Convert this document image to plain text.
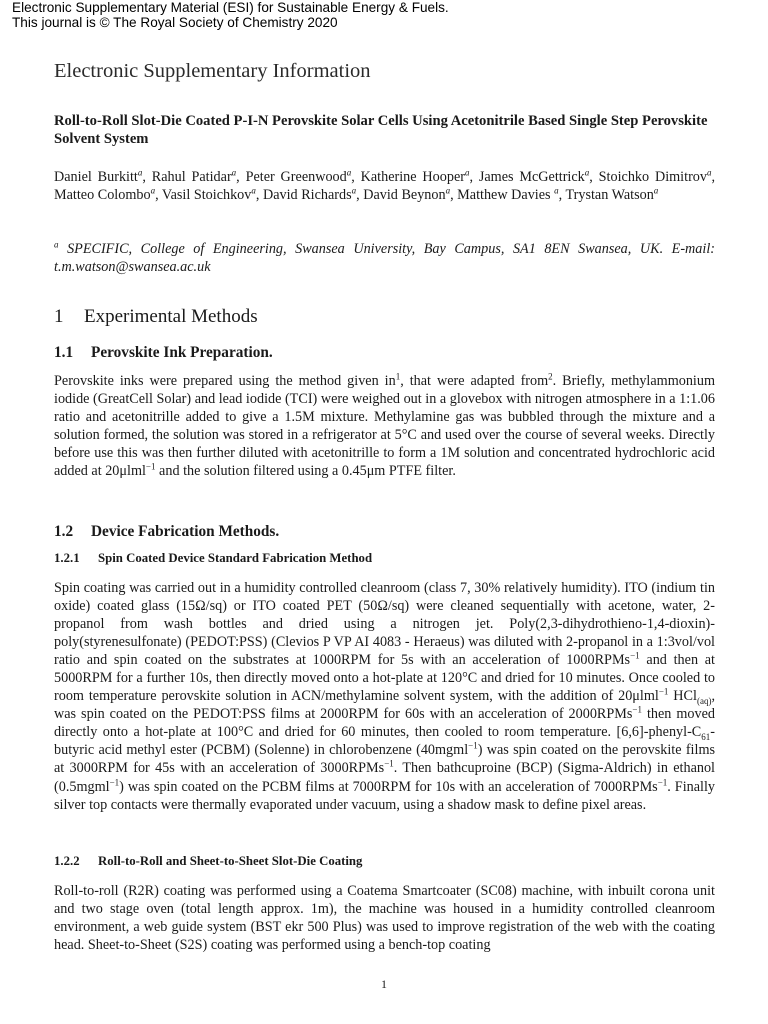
Electronic Supplementary Material (ESI) for Sustainable Energy & Fuels.
This journal is © The Royal Society of Chemistry 2020
Electronic Supplementary Information
Roll-to-Roll Slot-Die Coated P-I-N Perovskite Solar Cells Using Acetonitrile Based Single Step Perovskite Solvent System
Daniel Burkitt$^a$, Rahul Patidar$^a$, Peter Greenwood$^a$, Katherine Hooper$^a$, James McGettrick$^a$, Stoichko Dimitrov$^a$, Matteo Colombo$^a$, Vasil Stoichkov$^a$, David Richards$^a$, David Beynon$^a$, Matthew Davies $^a$, Trystan Watson$^a$
$^a$ SPECIFIC, College of Engineering, Swansea University, Bay Campus, SA1 8EN Swansea, UK. E-mail: t.m.watson@swansea.ac.uk
1 Experimental Methods
1.1 Perovskite Ink Preparation.
Perovskite inks were prepared using the method given $in^1$, that were adapted from$^2$. Briefly, methylammonium iodide (GreatCell Solar) and lead iodide (TCI) were weighed out in a glovebox with nitrogen atmosphere in a 1:1.06 ratio and acetonitrille added to give a 1.5M mixture. Methylamine gas was bubbled through the mixture and a solution formed, the solution was stored in a refrigerator at 5°C and used over the course of several weeks. Directly before use this was then further diluted with acetonitrille to form a 1M solution and concentrated hydrochloric acid added at 20μlml$^{-1}$ and the solution filtered using a 0.45μm PTFE filter.
1.2 Device Fabrication Methods.
1.2.1 Spin Coated Device Standard Fabrication Method
Spin coating was carried out in a humidity controlled cleanroom (class 7, 30% relatively humidity). ITO (indium tin oxide) coated glass (15Ω/sq) or ITO coated PET (50Ω/sq) were cleaned sequentially with acetone, water, 2-propanol from wash bottles and dried using a nitrogen jet. Poly(2,3-dihydrothieno-1,4-dioxin)-poly(styrenesulfonate) (PEDOT:PSS) (Clevios P VP AI 4083 - Heraeus) was diluted with 2-propanol in a 1:3vol/vol ratio and spin coated on the substrates at 1000RPM for 5s with an acceleration of 1000RPMs$^{-1}$ and then at 5000RPM for a further 10s, then directly moved onto a hot-plate at 120°C and dried for 10 minutes. Once cooled to room temperature perovskite solution in ACN/methylamine solvent system, with the addition of 20μlml$^{-1}$ HCl$_{(aq)}$, was spin coated on the PEDOT:PSS films at 2000RPM for 60s with an acceleration of 2000RPMs$^{-1}$ then moved directly onto a hot-plate at 100°C and dried for 60 minutes, then cooled to room temperature. $[6,6]-phenyl-C_{61}$-butyric acid methyl ester (PCBM) (Solenne) in chlorobenzene (40mgml$^{-1}$) was spin coated on the perovskite films at 3000RPM for 45s with an acceleration of 3000RPMs$^{-1}$. Then bathcuproine (BCP) (Sigma-Aldrich) in ethanol (0.5mgml$^{-1}$) was spin coated on the PCBM films at 7000RPM for 10s with an acceleration of 7000RPMs$^{-1}$. Finally silver top contacts were thermally evaporated under vacuum, using a shadow mask to define pixel areas.
1.2.2 Roll-to-Roll and Sheet-to-Sheet Slot-Die Coating
Roll-to-roll (R2R) coating was performed using a Coatema Smartcoater (SC08) machine, with inbuilt corona unit and two stage oven (total length approx. 1m), the machine was housed in a humidity controlled cleanroom environment, a web guide system (BST ekr 500 Plus) was used to improve registration of the web with the coating head. Sheet-to-Sheet (S2S) coating was performed using a bench-top coating
1
